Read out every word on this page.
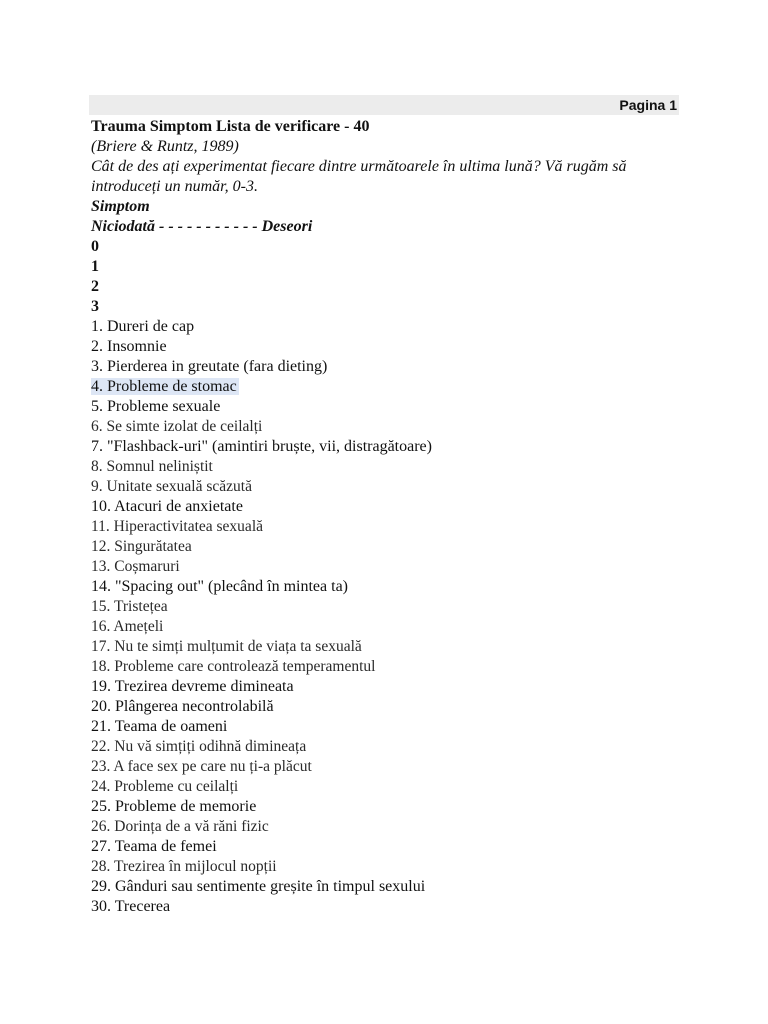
Pagina 1
Trauma Simptom Lista de verificare - 40
(Briere & Runtz, 1989)
Cât de des ați experimentat fiecare dintre următoarele în ultima lună? Vă rugăm să introduceți un număr, 0-3.
Simptom
Niciodată - - - - - - - - - - - Deseori
0
1
2
3
1. Dureri de cap
2. Insomnie
3. Pierderea in greutate (fara dieting)
4. Probleme de stomac
5. Probleme sexuale
6. Se simte izolat de ceilalți
7. "Flashback-uri" (amintiri bruște, vii, distragătoare)
8. Somnul neliniștit
9. Unitate sexuală scăzută
10. Atacuri de anxietate
11. Hiperactivitatea sexuală
12. Singurătatea
13. Coșmaruri
14. "Spacing out" (plecând în mintea ta)
15. Tristețea
16. Amețeli
17. Nu te simți mulțumit de viața ta sexuală
18. Probleme care controlează temperamentul
19. Trezirea devreme dimineata
20. Plângerea necontrolabilă
21. Teama de oameni
22. Nu vă simțiți odihnă dimineața
23. A face sex pe care nu ți-a plăcut
24. Probleme cu ceilalți
25. Probleme de memorie
26. Dorința de a vă răni fizic
27. Teama de femei
28. Trezirea în mijlocul nopții
29. Gânduri sau sentimente greșite în timpul sexului
30. Trecerea
